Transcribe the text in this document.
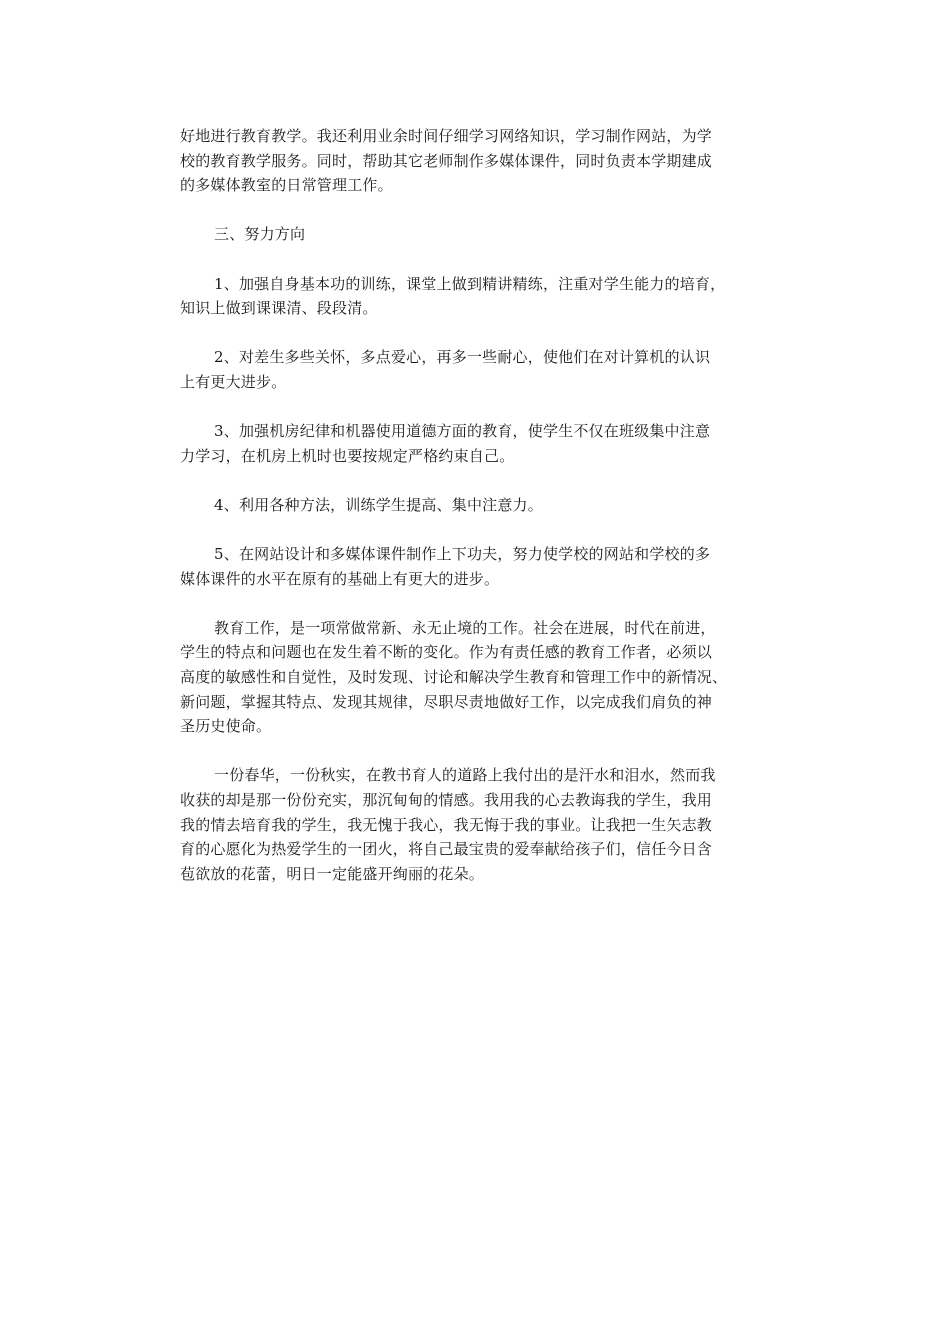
好地进行教育教学。我还利用业余时间仔细学习网络知识，学习制作网站，为学
校的教育教学服务。同时，帮助其它老师制作多媒体课件，同时负责本学期建成
的多媒体教室的日常管理工作。
三、努力方向
1、加强自身基本功的训练，课堂上做到精讲精练，注重对学生能力的培育，
知识上做到课课清、段段清。
2、对差生多些关怀，多点爱心，再多一些耐心，使他们在对计算机的认识
上有更大进步。
3、加强机房纪律和机器使用道德方面的教育，使学生不仅在班级集中注意
力学习，在机房上机时也要按规定严格约束自己。
4、利用各种方法，训练学生提高、集中注意力。
5、在网站设计和多媒体课件制作上下功夫，努力使学校的网站和学校的多
媒体课件的水平在原有的基础上有更大的进步。
教育工作，是一项常做常新、永无止境的工作。社会在进展，时代在前进，
学生的特点和问题也在发生着不断的变化。作为有责任感的教育工作者，必须以
高度的敏感性和自觉性，及时发现、讨论和解决学生教育和管理工作中的新情况、
新问题，掌握其特点、发现其规律，尽职尽责地做好工作，以完成我们肩负的神
圣历史使命。
一份春华，一份秋实，在教书育人的道路上我付出的是汗水和泪水，然而我
收获的却是那一份份充实，那沉甸甸的情感。我用我的心去教诲我的学生，我用
我的情去培育我的学生，我无愧于我心，我无悔于我的事业。让我把一生矢志教
育的心愿化为热爱学生的一团火，将自己最宝贵的爱奉献给孩子们，信任今日含
苞欲放的花蕾，明日一定能盛开绚丽的花朵。
